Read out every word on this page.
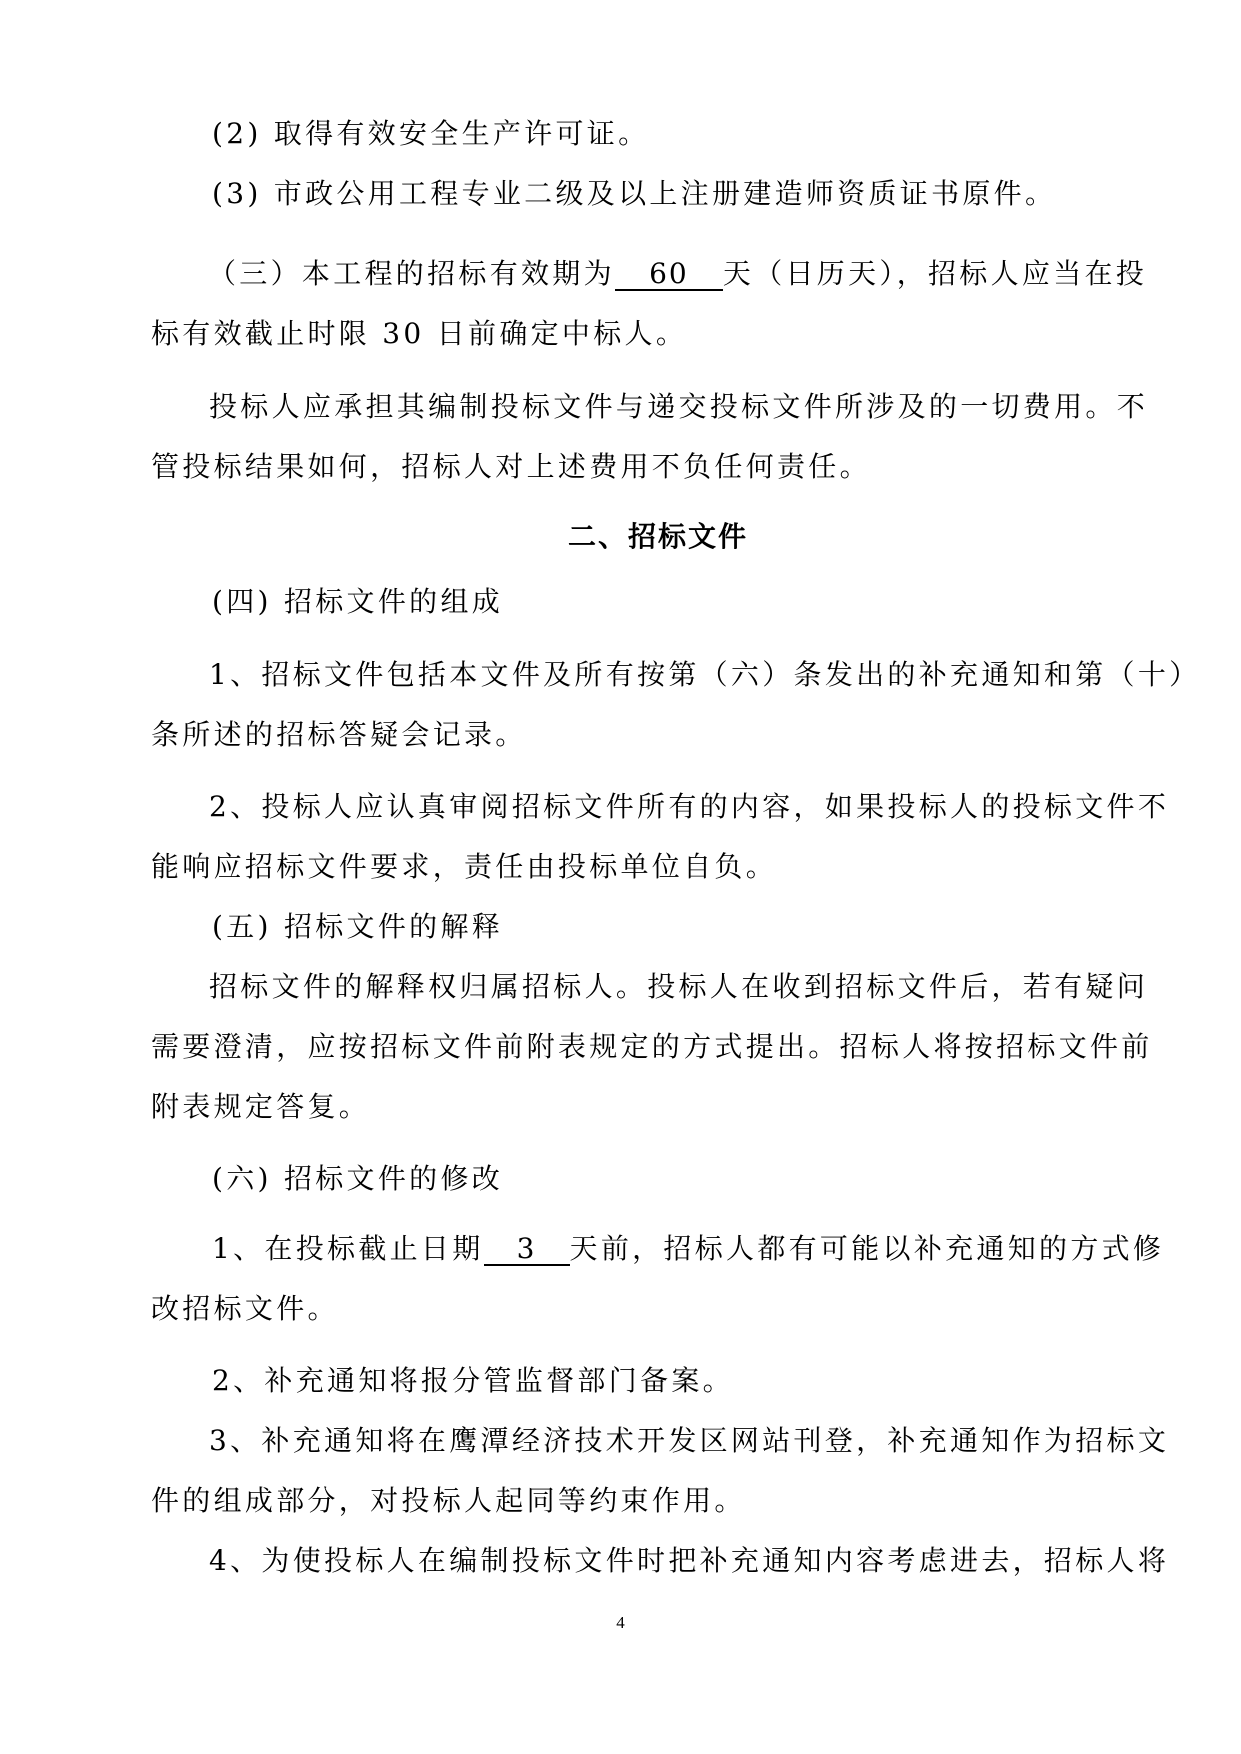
(2) 取得有效安全生产许可证。
(3) 市政公用工程专业二级及以上注册建造师资质证书原件。
（三）本工程的招标有效期为 60 天（日历天），招标人应当在投
标有效截止时限 30 日前确定中标人。
投标人应承担其编制投标文件与递交投标文件所涉及的一切费用。不
管投标结果如何，招标人对上述费用不负任何责任。
二、招标文件
(四) 招标文件的组成
1、招标文件包括本文件及所有按第（六）条发出的补充通知和第（十）
条所述的招标答疑会记录。
2、投标人应认真审阅招标文件所有的内容，如果投标人的投标文件不
能响应招标文件要求，责任由投标单位自负。
(五) 招标文件的解释
招标文件的解释权归属招标人。投标人在收到招标文件后，若有疑问
需要澄清，应按招标文件前附表规定的方式提出。招标人将按招标文件前
附表规定答复。
(六) 招标文件的修改
1、在投标截止日期 3 天前，招标人都有可能以补充通知的方式修
改招标文件。
2、补充通知将报分管监督部门备案。
3、补充通知将在鹰潭经济技术开发区网站刊登，补充通知作为招标文
件的组成部分，对投标人起同等约束作用。
4、为使投标人在编制投标文件时把补充通知内容考虑进去，招标人将
4
